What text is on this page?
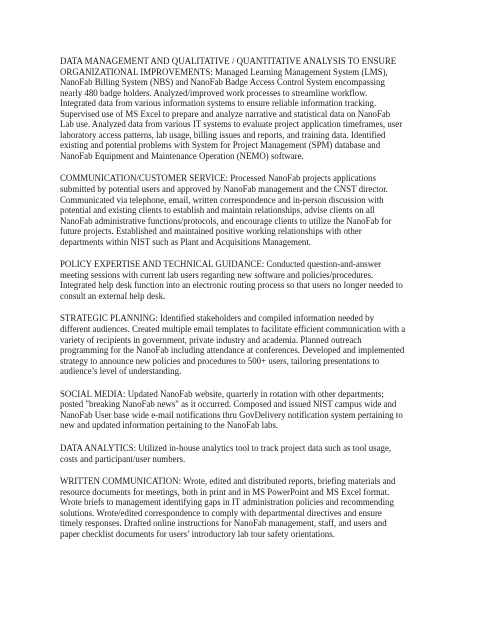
DATA MANAGEMENT AND QUALITATIVE / QUANTITATIVE ANALYSIS TO ENSURE
ORGANIZATIONAL IMPROVEMENTS: Managed Learning Management System (LMS),
NanoFab Billing System (NBS) and NanoFab Badge Access Control System encompassing
nearly 480 badge holders. Analyzed/improved work processes to streamline workflow.
Integrated data from various information systems to ensure reliable information tracking.
Supervised use of MS Excel to prepare and analyze narrative and statistical data on NanoFab
Lab use. Analyzed data from various IT systems to evaluate project application timeframes, user
laboratory access patterns, lab usage, billing issues and reports, and training data. Identified
existing and potential problems with System for Project Management (SPM) database and
NanoFab Equipment and Maintenance Operation (NEMO) software.

COMMUNICATION/CUSTOMER SERVICE: Processed NanoFab projects applications
submitted by potential users and approved by NanoFab management and the CNST director.
Communicated via telephone, email, written correspondence and in-person discussion with
potential and existing clients to establish and maintain relationships, advise clients on all
NanoFab administrative functions/protocols, and encourage clients to utilize the NanoFab for
future projects. Established and maintained positive working relationships with other
departments within NIST such as Plant and Acquisitions Management.

POLICY EXPERTISE AND TECHNICAL GUIDANCE: Conducted question-and-answer
meeting sessions with current lab users regarding new software and policies/procedures.
Integrated help desk function into an electronic routing process so that users no longer needed to
consult an external help desk.

STRATEGIC PLANNING: Identified stakeholders and compiled information needed by
different audiences. Created multiple email templates to facilitate efficient communication with a
variety of recipients in government, private industry and academia. Planned outreach
programming for the NanoFab including attendance at conferences. Developed and implemented
strategy to announce new policies and procedures to 500+ users, tailoring presentations to
audience’s level of understanding.

SOCIAL MEDIA: Updated NanoFab website, quarterly in rotation with other departments;
posted "breaking NanoFab news" as it occurred. Composed and issued NIST campus wide and
NanoFab User base wide e-mail notifications thru GovDelivery notification system pertaining to
new and updated information pertaining to the NanoFab labs.

DATA ANALYTICS: Utilized in-house analytics tool to track project data such as tool usage,
costs and participant/user numbers.

WRITTEN COMMUNICATION: Wrote, edited and distributed reports, briefing materials and
resource documents for meetings, both in print and in MS PowerPoint and MS Excel format.
Wrote briefs to management identifying gaps in IT administration policies and recommending
solutions. Wrote/edited correspondence to comply with departmental directives and ensure
timely responses. Drafted online instructions for NanoFab management, staff, and users and
paper checklist documents for users’ introductory lab tour safety orientations.
